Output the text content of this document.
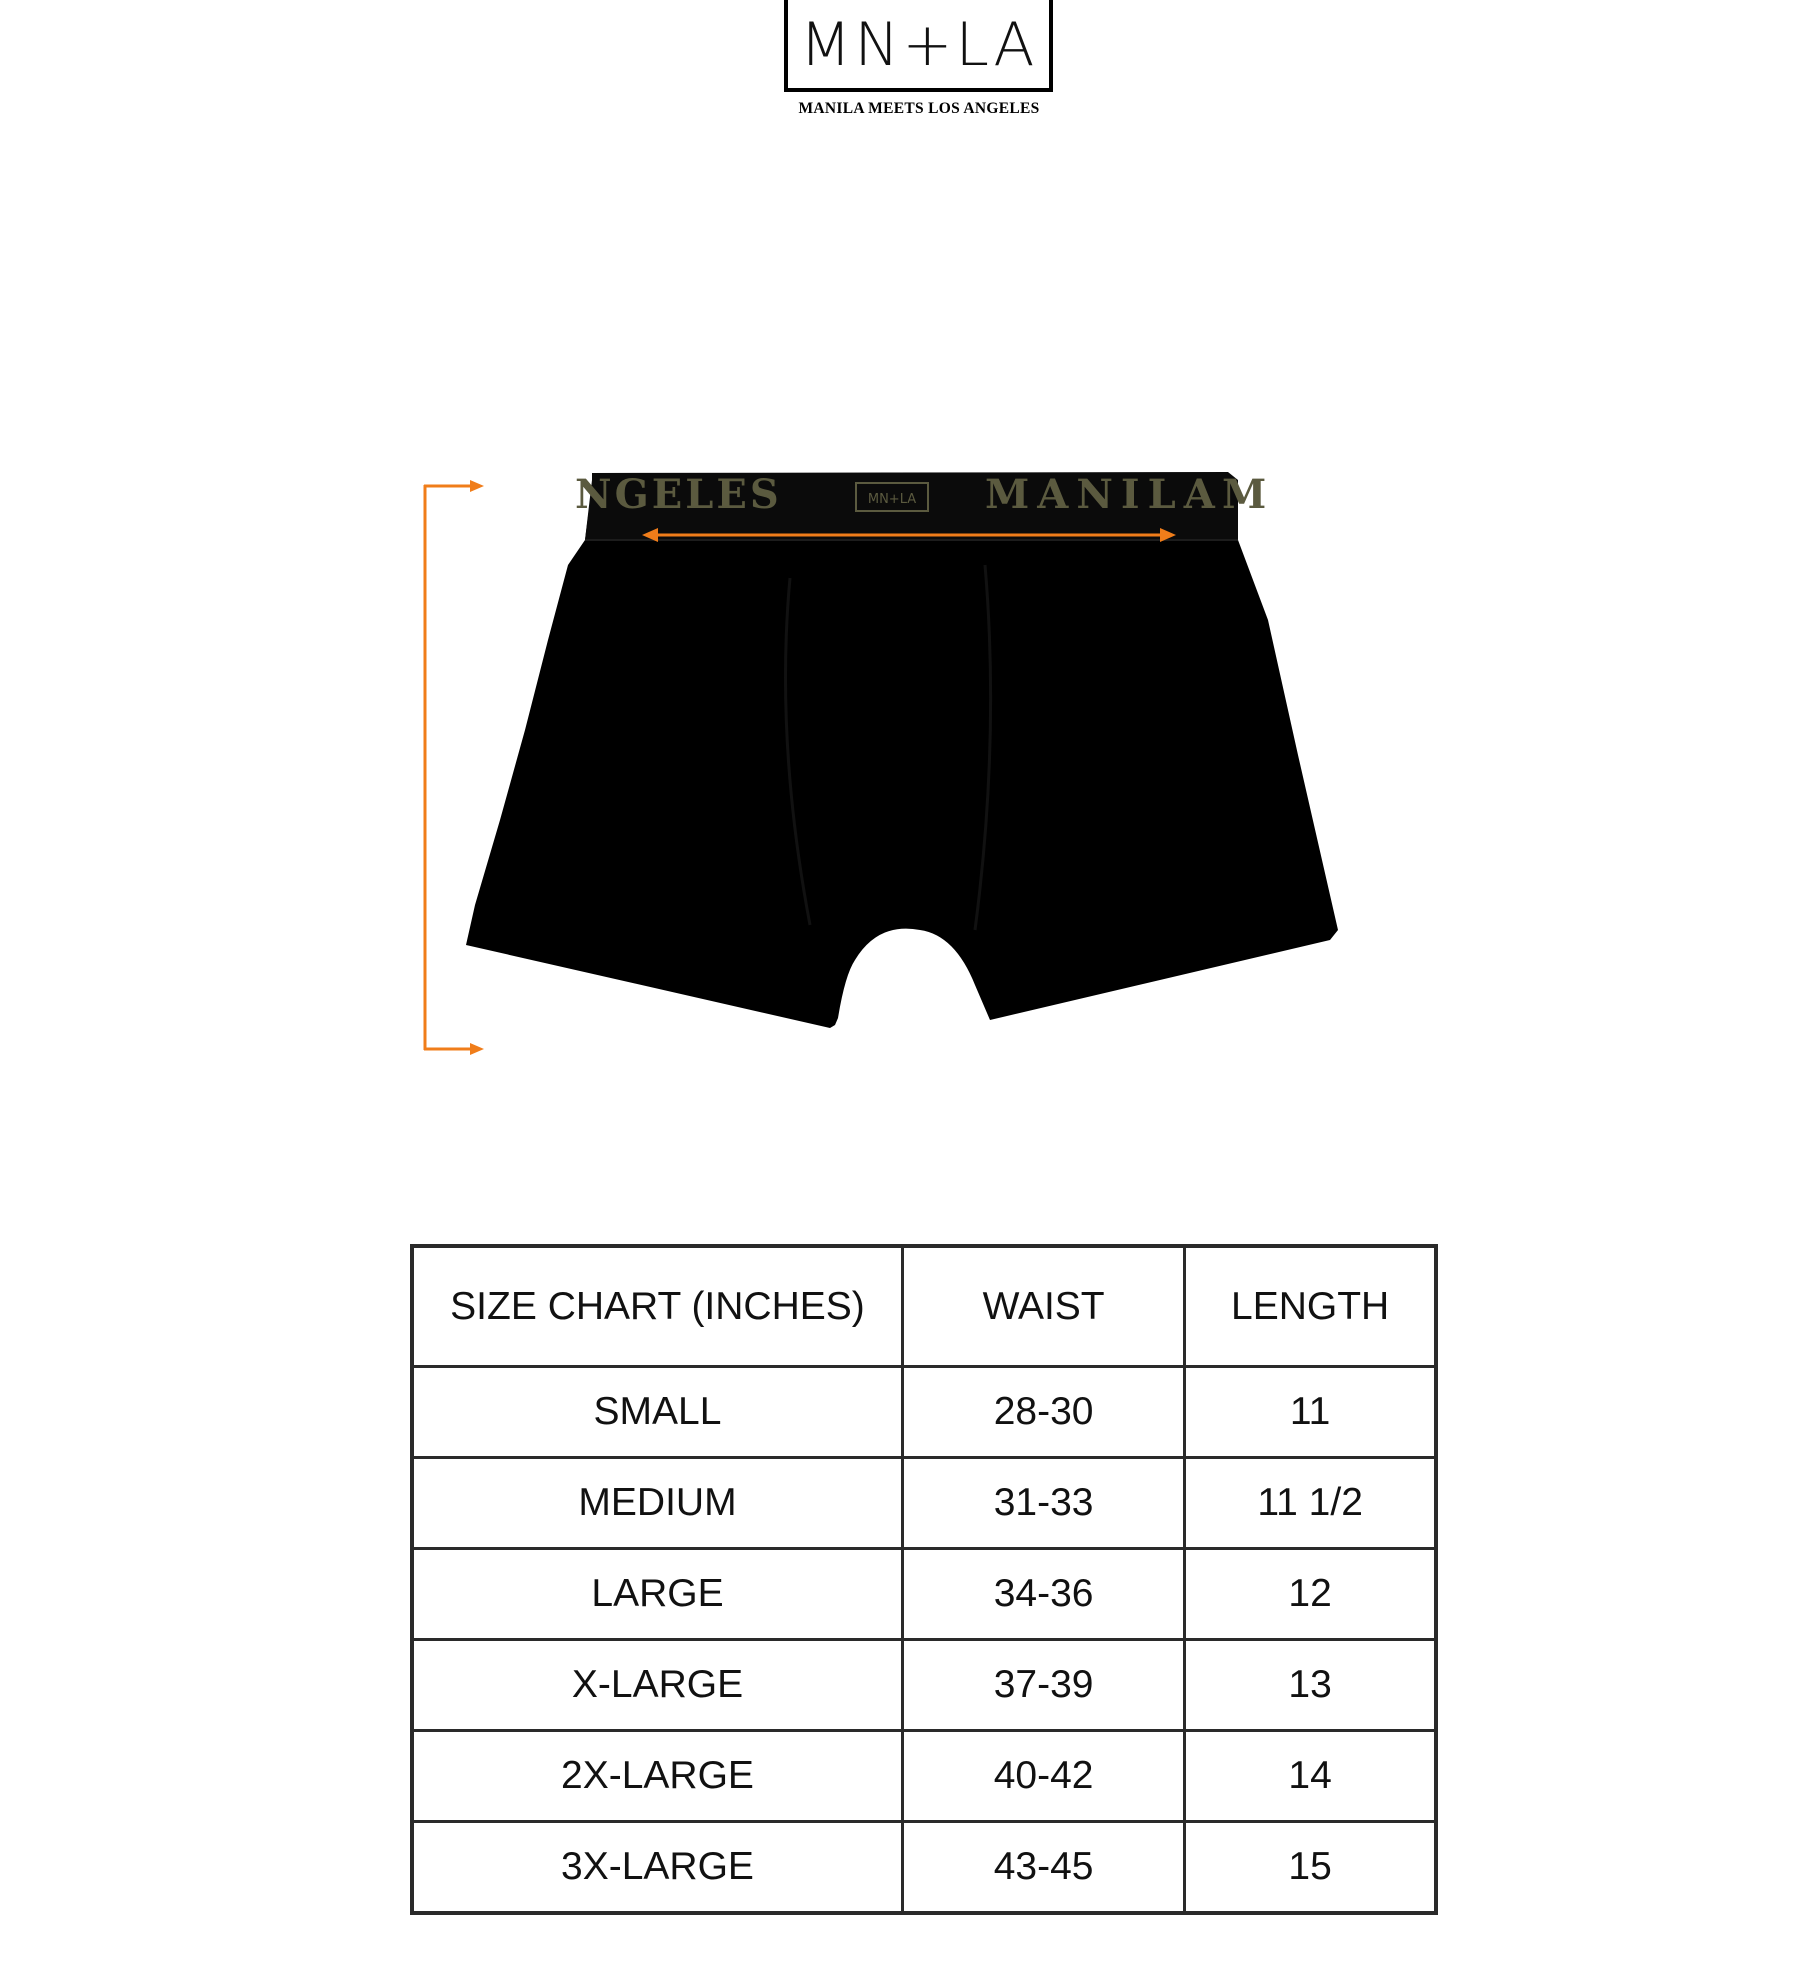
MN+LA
MANILA MEETS LOS ANGELES
NGELES	MN+LA MANILA M
SIZE CHART (INCHES)	WAIST	LENGTH
SMALL	28-30	11
MEDIUM	31-33	11 1/2
LARGE	34-36	12
X-LARGE	37-39	13
2X-LARGE	40-42	14
3X-LARGE	43-45	15
